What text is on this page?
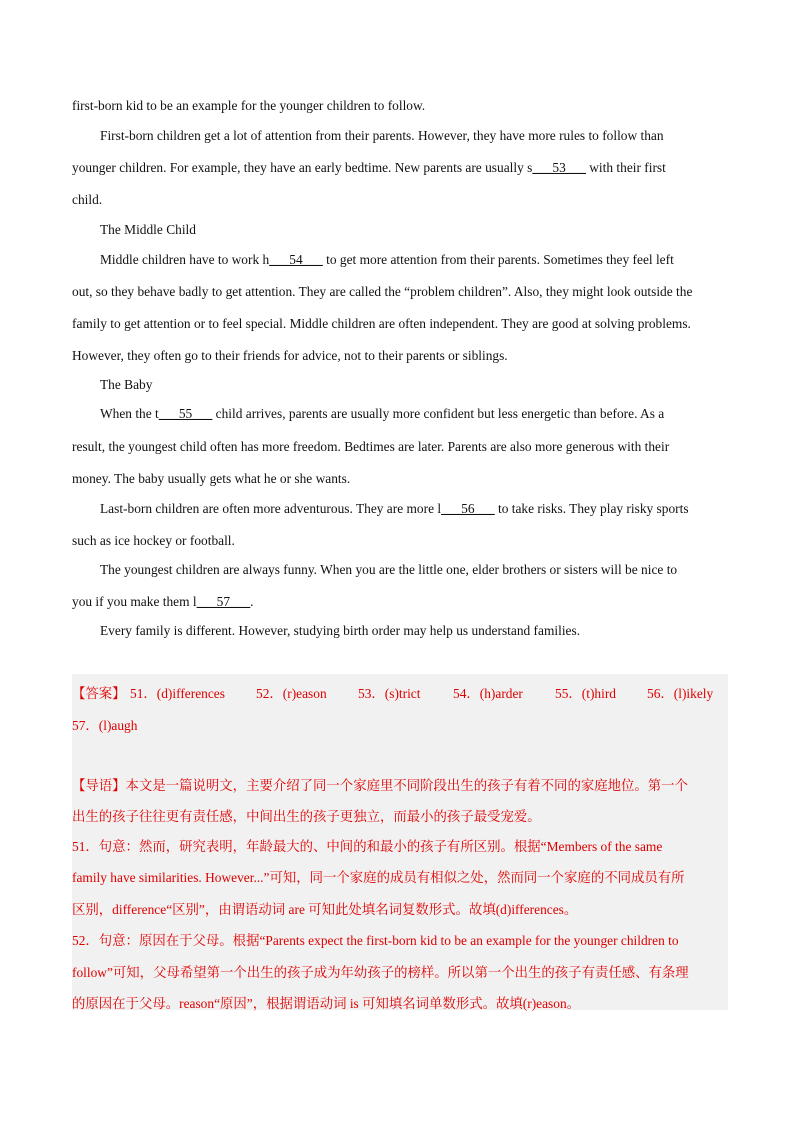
first-born kid to be an example for the younger children to follow.
First-born children get a lot of attention from their parents. However, they have more rules to follow than
younger children. For example, they have an early bedtime. New parents are usually s___53___ with their first
child.
The Middle Child
Middle children have to work h___54___ to get more attention from their parents. Sometimes they feel left
out, so they behave badly to get attention. They are called the “problem children”. Also, they might look outside the
family to get attention or to feel special. Middle children are often independent. They are good at solving problems.
However, they often go to their friends for advice, not to their parents or siblings.
The Baby
When the t___55___ child arrives, parents are usually more confident but less energetic than before. As a
result, the youngest child often has more freedom. Bedtimes are later. Parents are also more generous with their
money. The baby usually gets what he or she wants.
Last-born children are often more adventurous. They are more l___56___ to take risks. They play risky sports
such as ice hockey or football.
The youngest children are always funny. When you are the little one, elder brothers or sisters will be nice to
you if you make them l___57___.
Every family is different. However, studying birth order may help us understand families.
【答案】 51．(d)ifferences 52．(r)eason 53．(s)trict 54．(h)arder 55．(t)hird 56．(l)ikely
57．(l)augh
【导语】本文是一篇说明文，主要介绍了同一个家庭里不同阶段出生的孩子有着不同的家庭地位。第一个
出生的孩子往往更有责任感，中间出生的孩子更独立，而最小的孩子最受宠爱。
51．句意：然而，研究表明，年龄最大的、中间的和最小的孩子有所区别。根据“Members of the same
family have similarities. However...”可知，同一个家庭的成员有相似之处，然而同一个家庭的不同成员有所
区别，difference“区别”，由谓语动词 are 可知此处填名词复数形式。故填(d)ifferences。
52．句意：原因在于父母。根据“Parents expect the first-born kid to be an example for the younger children to
follow”可知，父母希望第一个出生的孩子成为年幼孩子的榜样。所以第一个出生的孩子有责任感、有条理
的原因在于父母。reason“原因”，根据谓语动词 is 可知填名词单数形式。故填(r)eason。
